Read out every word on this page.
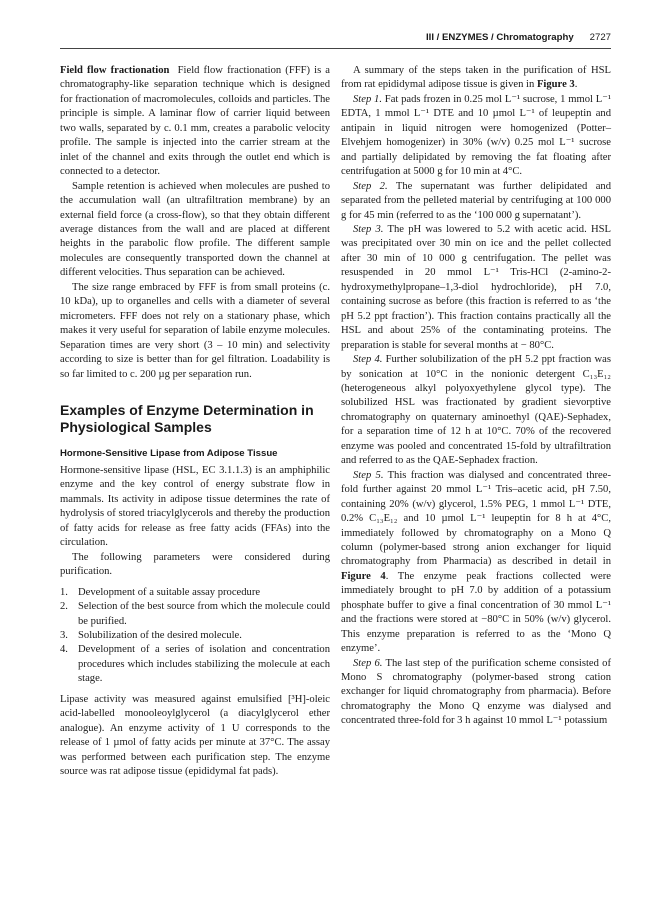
III / ENZYMES / Chromatography 2727

Field flow fractionation Field flow fractionation (FFF) is a chromatography-like separation technique which is designed for fractionation of macromolecules, colloids and particles. The principle is simple. A laminar flow of carrier liquid between two walls, separated by c. 0.1 mm, creates a parabolic velocity profile. The sample is injected into the carrier stream at the inlet of the channel and exits through the outlet end which is connected to a detector.

Sample retention is achieved when molecules are pushed to the accumulation wall (an ultrafiltration membrane) by an external field force (a cross-flow), so that they obtain different average distances from the wall and are placed at different heights in the parabolic flow profile. The different sample molecules are consequently transported down the channel at different velocities. Thus separation can be achieved.

The size range embraced by FFF is from small proteins (c. 10 kDa), up to organelles and cells with a diameter of several micrometers. FFF does not rely on a stationary phase, which makes it very useful for separation of labile enzyme molecules. Separation times are very short (3 – 10 min) and selectivity according to size is better than for gel filtration. Loadability is so far limited to c. 200 µg per separation run.

Examples of Enzyme Determination in Physiological Samples
Hormone-Sensitive Lipase from Adipose Tissue

Hormone-sensitive lipase (HSL, EC 3.1.1.3) is an amphiphilic enzyme and the key control of energy substrate flow in mammals. Its activity in adipose tissue determines the rate of hydrolysis of stored triacylglycerols and thereby the production of fatty acids for release as free fatty acids (FFAs) into the circulation.

The following parameters were considered during purification.

1. Development of a suitable assay procedure
2. Selection of the best source from which the molecule could be purified.
3. Solubilization of the desired molecule.
4. Development of a series of isolation and concentration procedures which includes stabilizing the molecule at each stage.

Lipase activity was measured against emulsified [³H]-oleic acid-labelled monooleoylglycerol (a diacylglycerol ether analogue). An enzyme activity of 1 U corresponds to the release of 1 µmol of fatty acids per minute at 37°C. The assay was performed between each purification step. The enzyme source was rat adipose tissue (epididymal fat pads).

A summary of the steps taken in the purification of HSL from rat epididymal adipose tissue is given in Figure 3.

Step 1. Fat pads frozen in 0.25 mol L⁻¹ sucrose, 1 mmol L⁻¹ EDTA, 1 mmol L⁻¹ DTE and 10 µmol L⁻¹ of leupeptin and antipain in liquid nitrogen were homogenized (Potter–Elvehjem homogenizer) in 30% (w/v) 0.25 mol L⁻¹ sucrose and partially delipidated by removing the fat floating after centrifugation at 5000 g for 10 min at 4°C.

Step 2. The supernatant was further delipidated and separated from the pelleted material by centrifuging at 100 000 g for 45 min (referred to as the ‘100 000 g supernatant’).

Step 3. The pH was lowered to 5.2 with acetic acid. HSL was precipitated over 30 min on ice and the pellet collected after 30 min of 10 000 g centrifugation. The pellet was resuspended in 20 mmol L⁻¹ Tris-HCl (2-amino-2-hydroxymethylpropane–1,3-diol hydrochloride), pH 7.0, containing sucrose as before (this fraction is referred to as ‘the pH 5.2 ppt fraction’). This fraction contains practically all the HSL and about 25% of the contaminating proteins. The preparation is stable for several months at − 80°C.

Step 4. Further solubilization of the pH 5.2 ppt fraction was by sonication at 10°C in the nonionic detergent C₁₃E₁₂ (heterogeneous alkyl polyoxyethylene glycol type). The solubilized HSL was fractionated by gradient sievorptive chromatography on quaternary aminoethyl (QAE)-Sephadex, for a separation time of 12 h at 10°C. 70% of the recovered enzyme was pooled and concentrated 15-fold by ultrafiltration and referred to as the QAE-Sephadex fraction.

Step 5. This fraction was dialysed and concentrated three-fold further against 20 mmol L⁻¹ Tris–acetic acid, pH 7.50, containing 20% (w/v) glycerol, 1.5% PEG, 1 mmol L⁻¹ DTE, 0.2% C₁₃E₁₂ and 10 µmol L⁻¹ leupeptin for 8 h at 4°C, immediately followed by chromatography on a Mono Q column (polymer-based strong anion exchanger for liquid chromatography from Pharmacia) as described in detail in Figure 4. The enzyme peak fractions collected were immediately brought to pH 7.0 by addition of a potassium phosphate buffer to give a final concentration of 30 mmol L⁻¹ and the fractions were stored at −80°C in 50% (w/v) glycerol. This enzyme preparation is referred to as the ‘Mono Q enzyme’.

Step 6. The last step of the purification scheme consisted of Mono S chromatography (polymer-based strong cation exchanger for liquid chromatography from pharmacia). Before chromatography the Mono Q enzyme was dialysed and concentrated three-fold for 3 h against 10 mmol L⁻¹ potassium
